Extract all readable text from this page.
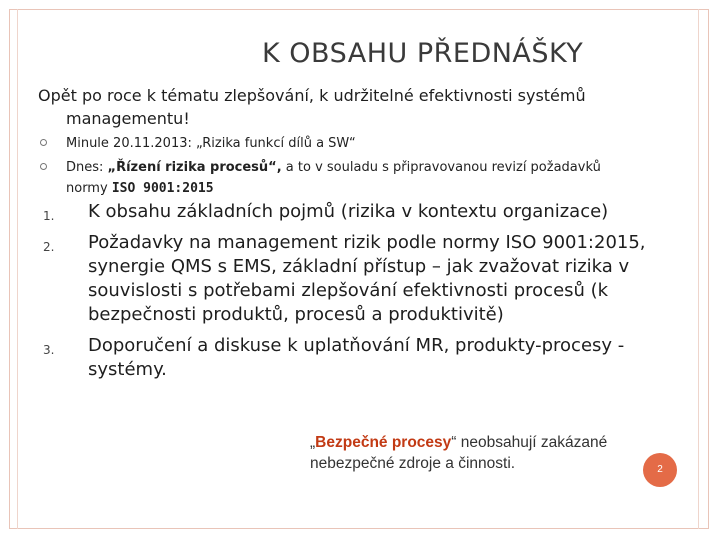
K OBSAHU PŘEDNÁŠKY
Opět po roce k tématu zlepšování, k udržitelné efektivnosti systémů
managementu!
Minule 20.11.2013: „Rizika funkcí dílů a SW“
Dnes: „Řízení rizika procesů“, a to v souladu s připravovanou revizí požadavků
normy ISO 9001:2015
1. K obsahu základních pojmů (rizika v kontextu organizace)
2. Požadavky na management rizik podle normy ISO 9001:2015, synergie QMS s EMS, základní přístup – jak zvažovat rizika v souvislosti s potřebami zlepšování efektivnosti procesů (k bezpečnosti produktů, procesů a produktivitě)
3. Doporučení a diskuse k uplatňování MR, produkty-procesy -systémy.
„Bezpečné procesy“ neobsahují zakázané nebezpečné zdroje a činnosti.	2
